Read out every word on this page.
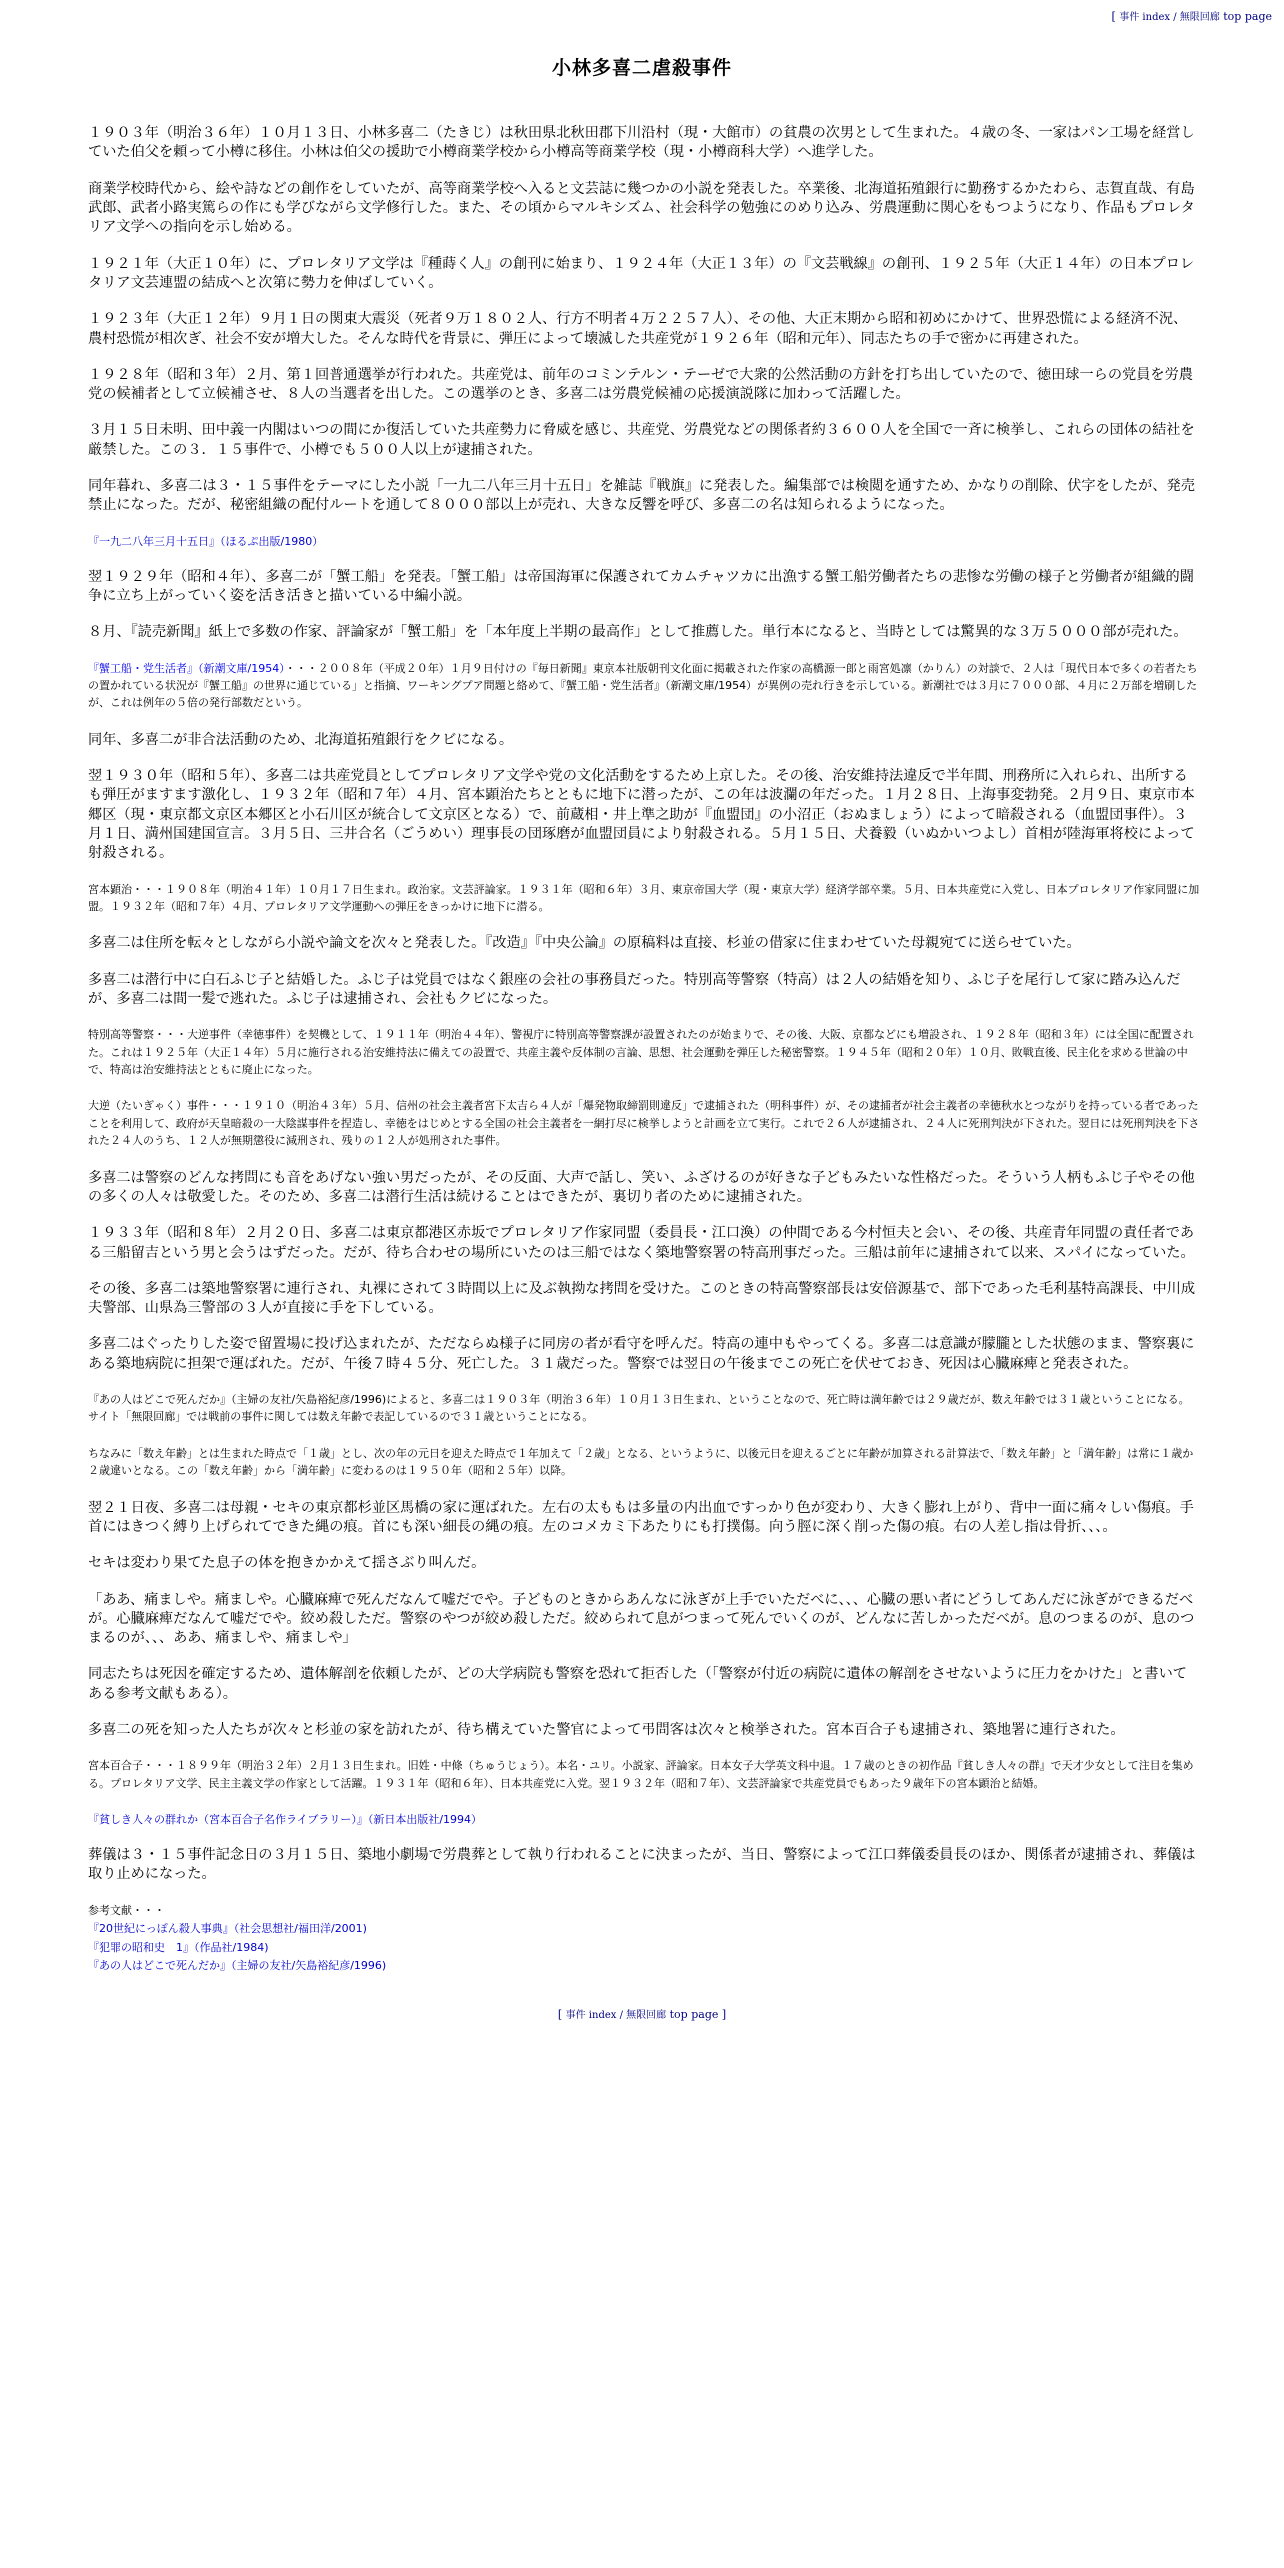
[ 事件 index / 無限回廊 top page
小林多喜二虐殺事件

１９０３年（明治３６年）１０月１３日、小林多喜二（たきじ）は秋田県北秋田郡下川沿村（現・大館市）の貧農の次男として生まれた。４歳の冬、一家はパン工場を経営していた伯父を頼って小樽に移住。小林は伯父の援助で小樽商業学校から小樽高等商業学校（現・小樽商科大学）へ進学した。

商業学校時代から、絵や詩などの創作をしていたが、高等商業学校へ入ると文芸誌に幾つかの小説を発表した。卒業後、北海道拓殖銀行に勤務するかたわら、志賀直哉、有島武郎、武者小路実篤らの作にも学びながら文学修行した。また、その頃からマルキシズム、社会科学の勉強にのめり込み、労農運動に関心をもつようになり、作品もプロレタリア文学への指向を示し始める。

１９２１年（大正１０年）に、プロレタリア文学は『種蒔く人』の創刊に始まり、１９２４年（大正１３年）の『文芸戦線』の創刊、１９２５年（大正１４年）の日本プロレタリア文芸連盟の結成へと次第に勢力を伸ばしていく。

１９２３年（大正１２年）９月１日の関東大震災（死者９万１８０２人、行方不明者４万２２５７人）、その他、大正末期から昭和初めにかけて、世界恐慌による経済不況、農村恐慌が相次ぎ、社会不安が増大した。そんな時代を背景に、弾圧によって壊滅した共産党が１９２６年（昭和元年）、同志たちの手で密かに再建された。

１９２８年（昭和３年）２月、第１回普通選挙が行われた。共産党は、前年のコミンテルン・テーゼで大衆的公然活動の方針を打ち出していたので、徳田球一らの党員を労農党の候補者として立候補させ、８人の当選者を出した。この選挙のとき、多喜二は労農党候補の応援演説隊に加わって活躍した。

３月１５日未明、田中義一内閣はいつの間にか復活していた共産勢力に脅威を感じ、共産党、労農党などの関係者約３６００人を全国で一斉に検挙し、これらの団体の結社を厳禁した。この３．１５事件で、小樽でも５００人以上が逮捕された。

同年暮れ、多喜二は３・１５事件をテーマにした小説「一九二八年三月十五日」を雑誌『戦旗』に発表した。編集部では検閲を通すため、かなりの削除、伏字をしたが、発売禁止になった。だが、秘密組織の配付ルートを通して８０００部以上が売れ、大きな反響を呼び、多喜二の名は知られるようになった。

『一九二八年三月十五日』（ほるぷ出版/1980）

翌１９２９年（昭和４年）、多喜二が「蟹工船」を発表。「蟹工船」は帝国海軍に保護されてカムチャツカに出漁する蟹工船労働者たちの悲惨な労働の様子と労働者が組織的闘争に立ち上がっていく姿を活き活きと描いている中編小説。

８月、『読売新聞』紙上で多数の作家、評論家が「蟹工船」を「本年度上半期の最高作」として推薦した。単行本になると、当時としては驚異的な３万５０００部が売れた。

『蟹工船・党生活者』（新潮文庫/1954）・・・２００８年（平成２０年）１月９日付けの『毎日新聞』東京本社版朝刊文化面に掲載された作家の高橋源一郎と雨宮処凛（かりん）の対談で、２人は「現代日本で多くの若者たちの置かれている状況が『蟹工船』の世界に通じている」と指摘、ワーキングプア問題と絡めて、『蟹工船・党生活者』（新潮文庫/1954）が異例の売れ行きを示している。新潮社では３月に７０００部、４月に２万部を増刷したが、これは例年の５倍の発行部数だという。

同年、多喜二が非合法活動のため、北海道拓殖銀行をクビになる。

翌１９３０年（昭和５年）、多喜二は共産党員としてプロレタリア文学や党の文化活動をするため上京した。その後、治安維持法違反で半年間、刑務所に入れられ、出所するも弾圧がますます激化し、１９３２年（昭和７年）４月、宮本顕治たちとともに地下に潜ったが、この年は波瀾の年だった。１月２８日、上海事変勃発。２月９日、東京市本郷区（現・東京都文京区本郷区と小石川区が統合して文京区となる）で、前蔵相・井上準之助が『血盟団』の小沼正（おぬましょう）によって暗殺される（血盟団事件）。３月１日、満州国建国宣言。３月５日、三井合名（ごうめい）理事長の団琢磨が血盟団員により射殺される。５月１５日、犬養毅（いぬかいつよし）首相が陸海軍将校によって射殺される。

宮本顕治・・・１９０８年（明治４１年）１０月１７日生まれ。政治家。文芸評論家。１９３１年（昭和６年）３月、東京帝国大学（現・東京大学）経済学部卒業。５月、日本共産党に入党し、日本プロレタリア作家同盟に加盟。１９３２年（昭和７年）４月、プロレタリア文学運動への弾圧をきっかけに地下に潜る。

多喜二は住所を転々としながら小説や論文を次々と発表した。『改造』『中央公論』の原稿料は直接、杉並の借家に住まわせていた母親宛てに送らせていた。

多喜二は潜行中に白石ふじ子と結婚した。ふじ子は党員ではなく銀座の会社の事務員だった。特別高等警察（特高）は２人の結婚を知り、ふじ子を尾行して家に踏み込んだが、多喜二は間一髪で逃れた。ふじ子は逮捕され、会社もクビになった。

特別高等警察・・・大逆事件（幸徳事件）を契機として、１９１１年（明治４４年）、警視庁に特別高等警察課が設置されたのが始まりで、その後、大阪、京都などにも増設され、１９２８年（昭和３年）には全国に配置された。これは１９２５年（大正１４年）５月に施行される治安維持法に備えての設置で、共産主義や反体制の言論、思想、社会運動を弾圧した秘密警察。１９４５年（昭和２０年）１０月、敗戦直後、民主化を求める世論の中で、特高は治安維持法とともに廃止になった。

大逆（たいぎゃく）事件・・・１９１０（明治４３年）５月、信州の社会主義者宮下太吉ら４人が「爆発物取締罰則違反」で逮捕された（明科事件）が、その逮捕者が社会主義者の幸徳秋水とつながりを持っている者であったことを利用して、政府が天皇暗殺の一大陰謀事件を捏造し、幸徳をはじめとする全国の社会主義者を一網打尽に検挙しようと計画を立て実行。これで２６人が逮捕され、２４人に死刑判決が下された。翌日には死刑判決を下された２４人のうち、１２人が無期懲役に減刑され、残りの１２人が処刑された事件。

多喜二は警察のどんな拷問にも音をあげない強い男だったが、その反面、大声で話し、笑い、ふざけるのが好きな子どもみたいな性格だった。そういう人柄もふじ子やその他の多くの人々は敬愛した。そのため、多喜二は潜行生活は続けることはできたが、裏切り者のために逮捕された。

１９３３年（昭和８年）２月２０日、多喜二は東京都港区赤坂でプロレタリア作家同盟（委員長・江口渙）の仲間である今村恒夫と会い、その後、共産青年同盟の責任者である三船留吉という男と会うはずだった。だが、待ち合わせの場所にいたのは三船ではなく築地警察署の特高刑事だった。三船は前年に逮捕されて以来、スパイになっていた。

その後、多喜二は築地警察署に連行され、丸裸にされて３時間以上に及ぶ執拗な拷問を受けた。このときの特高警察部長は安倍源基で、部下であった毛利基特高課長、中川成夫警部、山県為三警部の３人が直接に手を下している。

多喜二はぐったりした姿で留置場に投げ込まれたが、ただならぬ様子に同房の者が看守を呼んだ。特高の連中もやってくる。多喜二は意識が朦朧とした状態のまま、警察裏にある築地病院に担架で運ばれた。だが、午後７時４５分、死亡した。３１歳だった。警察では翌日の午後までこの死亡を伏せておき、死因は心臓麻痺と発表された。

『あの人はどこで死んだか』（主婦の友社/矢島裕紀彦/1996)によると、多喜二は１９０３年（明治３６年）１０月１３日生まれ、ということなので、死亡時は満年齢では２９歳だが、数え年齢では３１歳ということになる。サイト「無限回廊」では戦前の事件に関しては数え年齢で表記しているので３１歳ということになる。

ちなみに「数え年齢」とは生まれた時点で「１歳」とし、次の年の元日を迎えた時点で１年加えて「２歳」となる、というように、以後元日を迎えるごとに年齢が加算される計算法で、「数え年齢」と「満年齢」は常に１歳か２歳違いとなる。この「数え年齢」から「満年齢」に変わるのは１９５０年（昭和２５年）以降。

翌２１日夜、多喜二は母親・セキの東京都杉並区馬橋の家に運ばれた。左右の太ももは多量の内出血ですっかり色が変わり、大きく膨れ上がり、背中一面に痛々しい傷痕。手首にはきつく縛り上げられてできた縄の痕。首にも深い細長の縄の痕。左のコメカミ下あたりにも打撲傷。向う脛に深く削った傷の痕。右の人差し指は骨折、、、。

セキは変わり果てた息子の体を抱きかかえて揺さぶり叫んだ。

「ああ、痛ましや。痛ましや。心臓麻痺で死んだなんて嘘だでや。子どものときからあんなに泳ぎが上手でいただべに、、、心臓の悪い者にどうしてあんだに泳ぎができるだべが。心臓麻痺だなんて嘘だでや。絞め殺しただ。警察のやつが絞め殺しただ。絞められて息がつまって死んでいくのが、どんなに苦しかっただべが。息のつまるのが、息のつまるのが、、、ああ、痛ましや、痛ましや」

同志たちは死因を確定するため、遺体解剖を依頼したが、どの大学病院も警察を恐れて拒否した（「警察が付近の病院に遺体の解剖をさせないように圧力をかけた」と書いてある参考文献もある）。

多喜二の死を知った人たちが次々と杉並の家を訪れたが、待ち構えていた警官によって弔問客は次々と検挙された。宮本百合子も逮捕され、築地署に連行された。

宮本百合子・・・１８９９年（明治３２年）２月１３日生まれ。旧姓・中條（ちゅうじょう）。本名・ユリ。小説家、評論家。日本女子大学英文科中退。１７歳のときの初作品『貧しき人々の群』で天才少女として注目を集める。プロレタリア文学、民主主義文学の作家として活躍。１９３１年（昭和６年）、日本共産党に入党。翌１９３２年（昭和７年）、文芸評論家で共産党員でもあった９歳年下の宮本顕治と結婚。

『貧しき人々の群れか（宮本百合子名作ライブラリー）』（新日本出版社/1994）

葬儀は３・１５事件記念日の３月１５日、築地小劇場で労農葬として執り行われることに決まったが、当日、警察によって江口葬儀委員長のほか、関係者が逮捕され、葬儀は取り止めになった。

参考文献・・・
『20世紀にっぽん殺人事典』（社会思想社/福田洋/2001)
『犯罪の昭和史　1』（作品社/1984)
『あの人はどこで死んだか』（主婦の友社/矢島裕紀彦/1996)
[ 事件 index / 無限回廊 top page ]
